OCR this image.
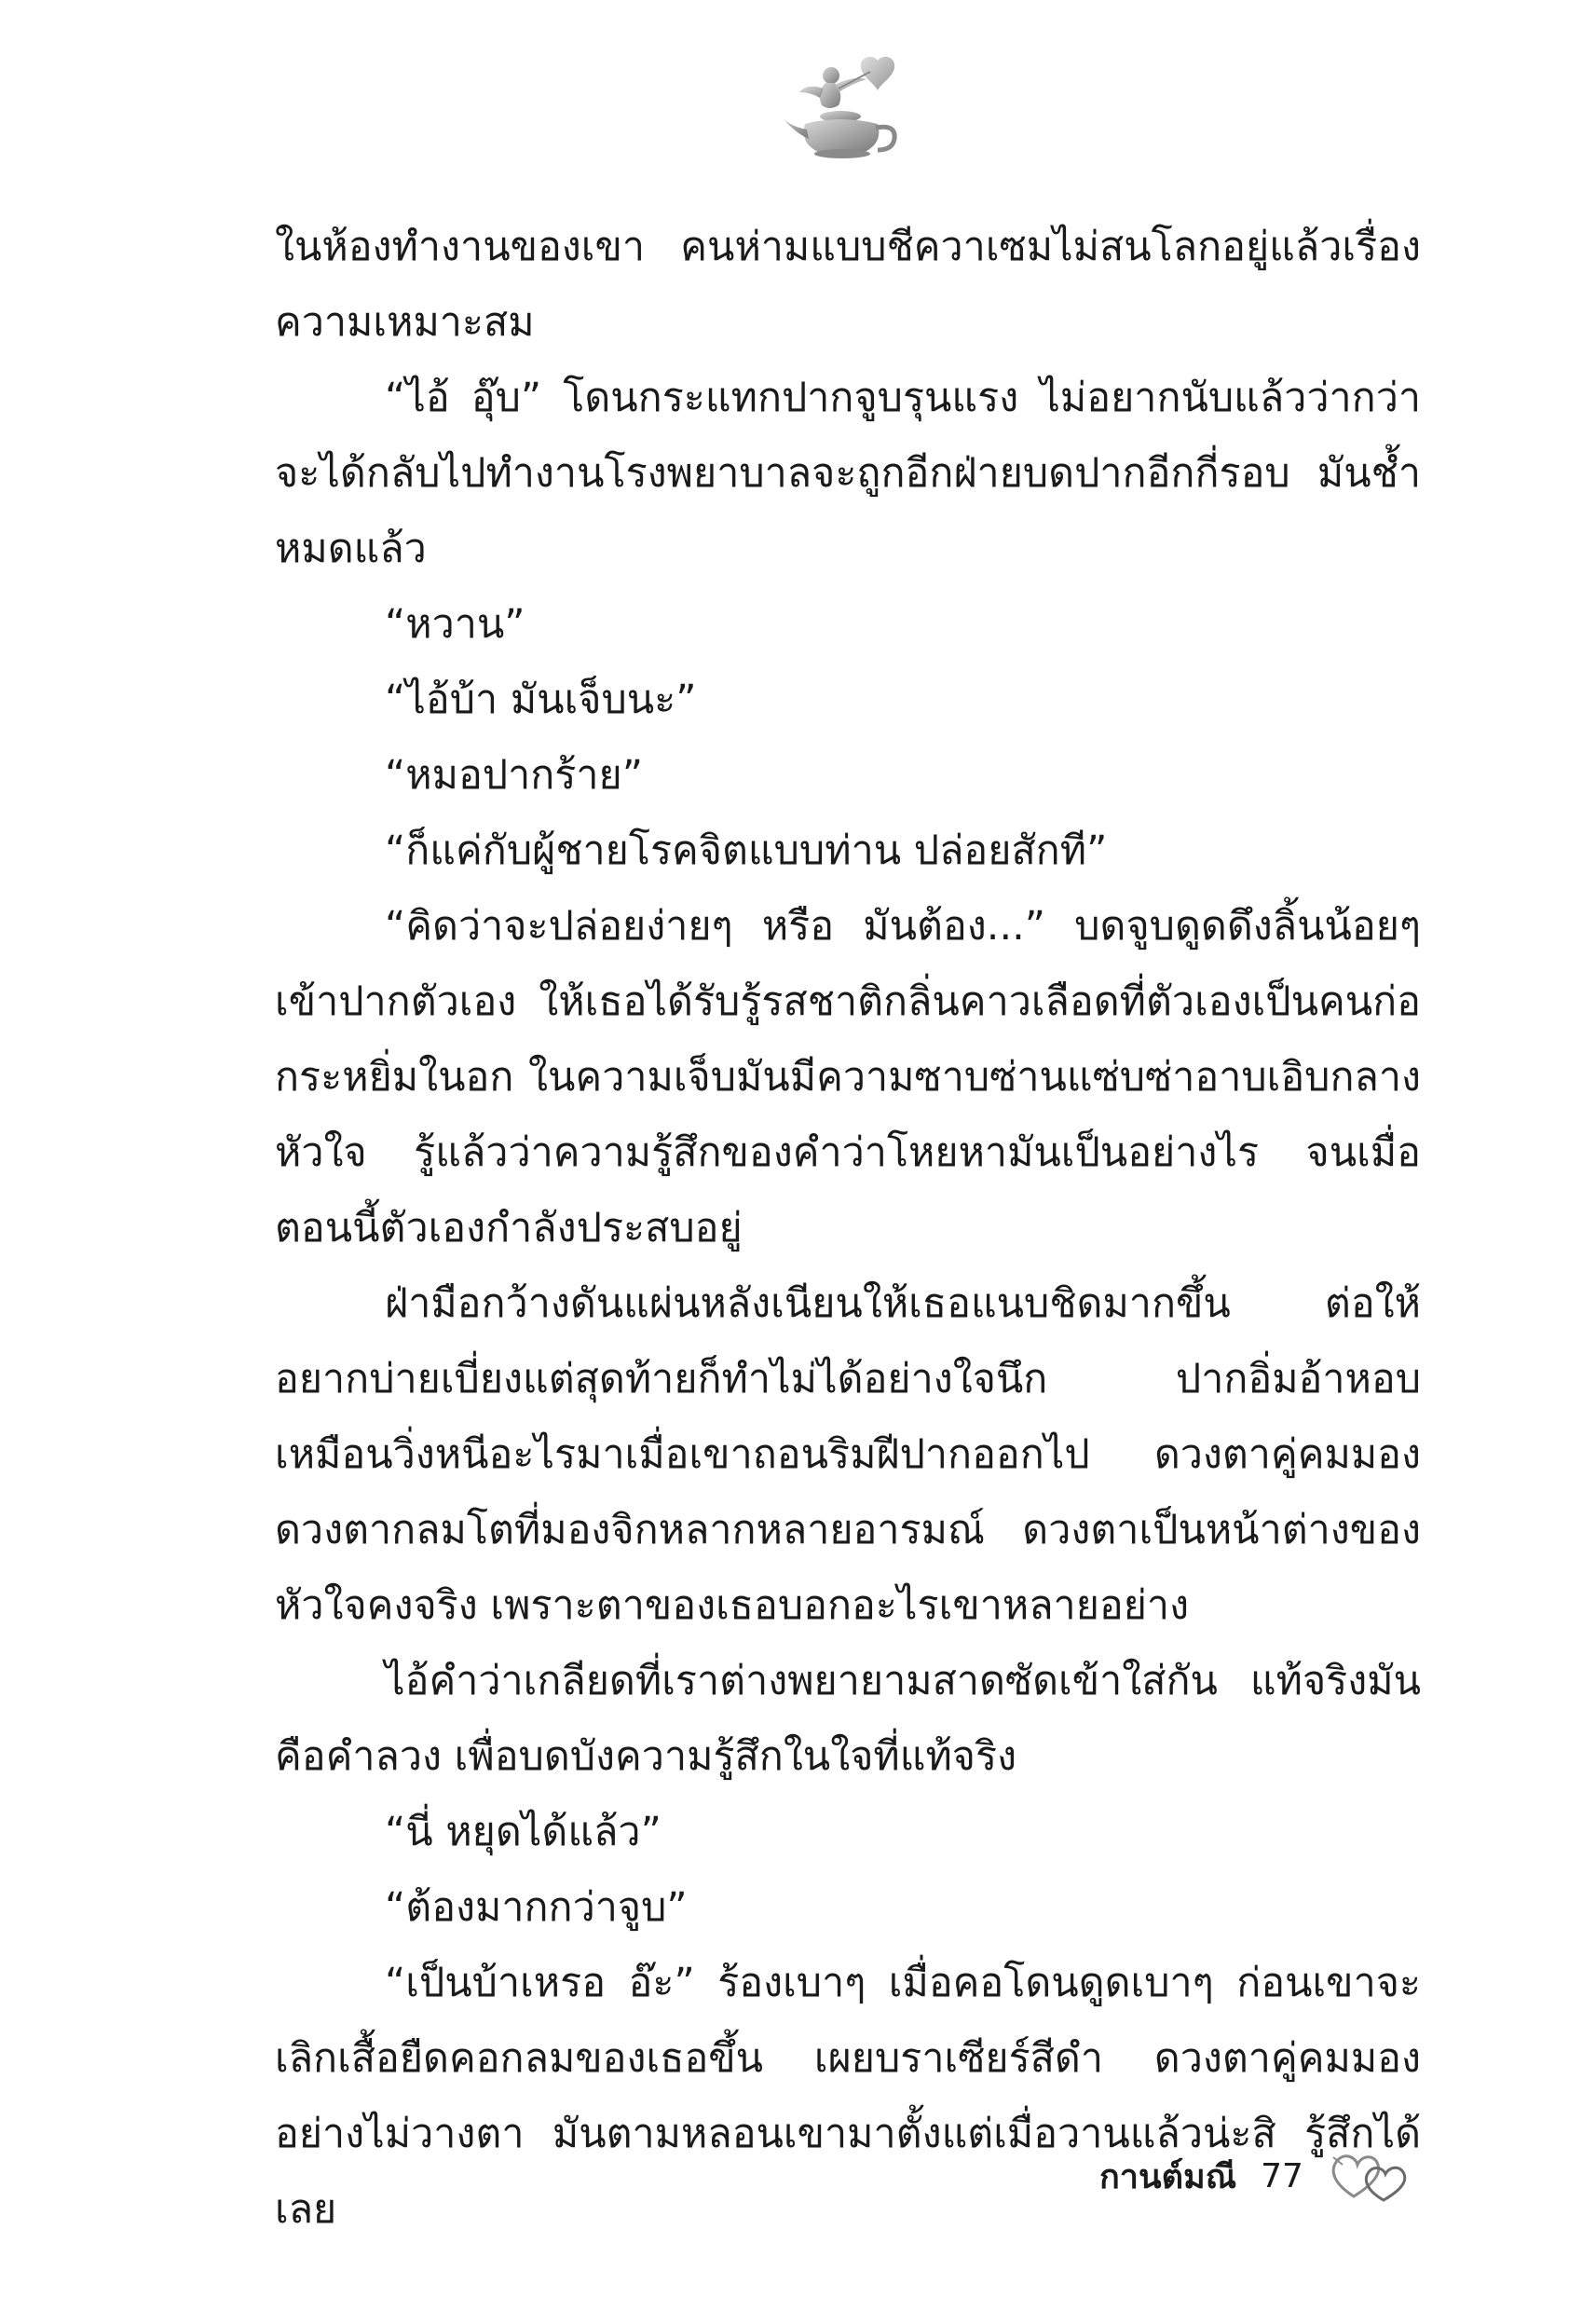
ในห้องทำงานของเขา คนห่ามแบบชีควาเซมไม่สนโลกอยู่แล้วเรื่องความเหมาะสม

“ไอ้ อุ๊บ” โดนกระแทกปากจูบรุนแรง ไม่อยากนับแล้วว่ากว่าจะได้กลับไปทำงานโรงพยาบาลจะถูกอีกฝ่ายบดปากอีกกี่รอบ มันช้ำหมดแล้ว

“หวาน”

“ไอ้บ้า มันเจ็บนะ”

“หมอปากร้าย”

“ก็แค่กับผู้ชายโรคจิตแบบท่าน ปล่อยสักที”

“คิดว่าจะปล่อยง่ายๆ หรือ มันต้อง...” บดจูบดูดดึงลิ้นน้อยๆ เข้าปากตัวเอง ให้เธอได้รับรู้รสชาติกลิ่นคาวเลือดที่ตัวเองเป็นคนก่อ กระหยิ่มในอก ในความเจ็บมันมีความซาบซ่านแซ่บซ่าอาบเอิบกลางหัวใจ รู้แล้วว่าความรู้สึกของคำว่าโหยหามันเป็นอย่างไร จนเมื่อตอนนี้ตัวเองกำลังประสบอยู่

ฝ่ามือกว้างดันแผ่นหลังเนียนให้เธอแนบชิดมากขึ้น ต่อให้อยากบ่ายเบี่ยงแต่สุดท้ายก็ทำไม่ได้อย่างใจนึก ปากอิ่มอ้าหอบเหมือนวิ่งหนีอะไรมาเมื่อเขาถอนริมฝีปากออกไป ดวงตาคู่คมมองดวงตากลมโตที่มองจิกหลากหลายอารมณ์ ดวงตาเป็นหน้าต่างของหัวใจคงจริง เพราะตาของเธอบอกอะไรเขาหลายอย่าง

ไอ้คำว่าเกลียดที่เราต่างพยายามสาดซัดเข้าใส่กัน แท้จริงมันคือคำลวง เพื่อบดบังความรู้สึกในใจที่แท้จริง

“นี่ หยุดได้แล้ว”

“ต้องมากกว่าจูบ”

“เป็นบ้าเหรอ อ๊ะ” ร้องเบาๆ เมื่อคอโดนดูดเบาๆ ก่อนเขาจะเลิกเสื้อยืดคอกลมของเธอขึ้น เผยบราเซียร์สีดำ ดวงตาคู่คมมองอย่างไม่วางตา มันตามหลอนเขามาตั้งแต่เมื่อวานแล้วน่ะสิ รู้สึกได้เลย

กานต์มณี 77
